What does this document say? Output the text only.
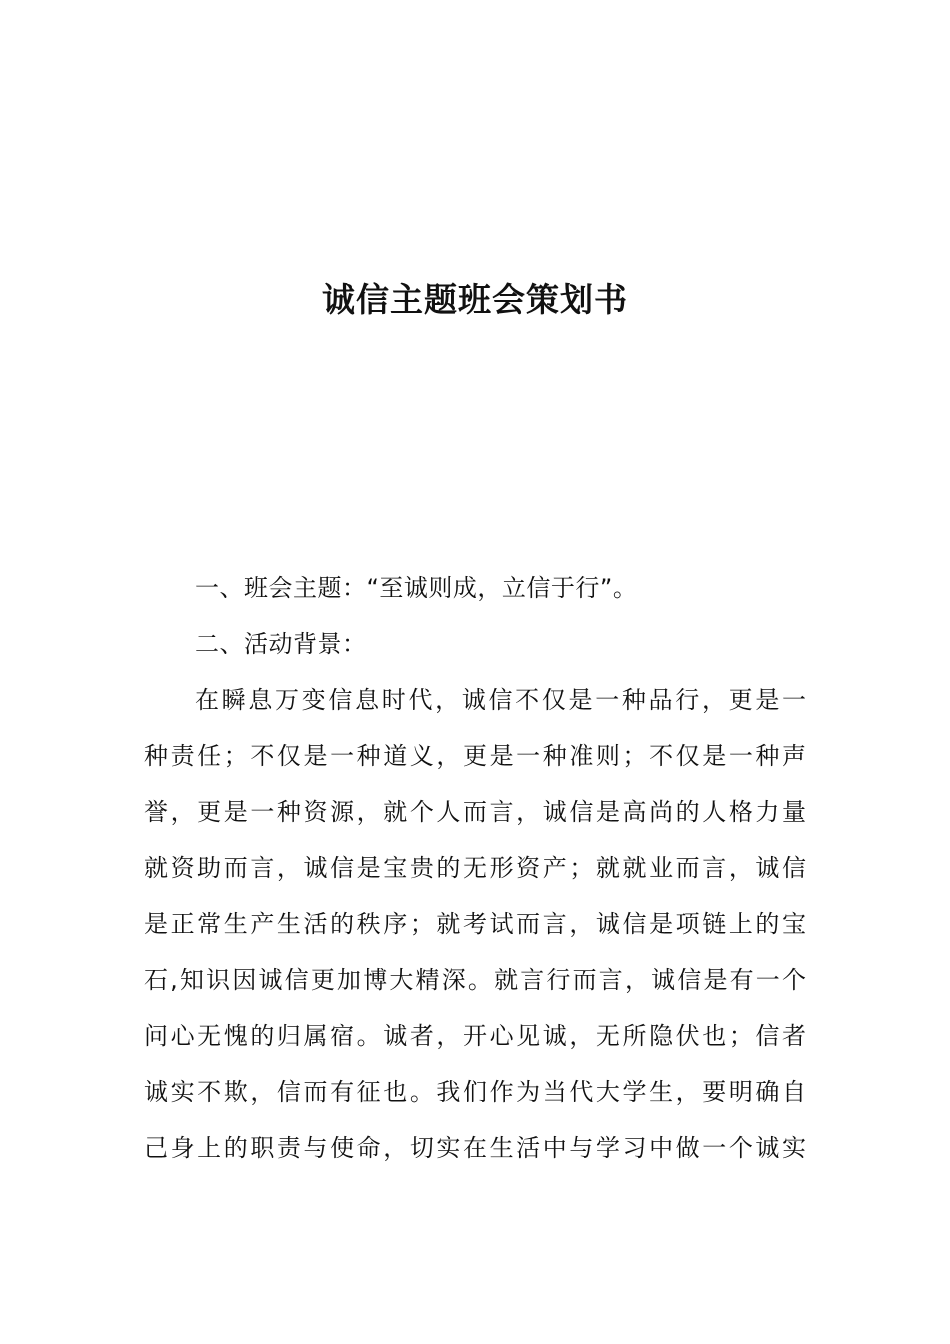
诚信主题班会策划书

一、班会主题：“至诚则成，立信于行”。

二、活动背景：

在瞬息万变信息时代，诚信不仅是一种品行，更是一

种责任；不仅是一种道义，更是一种准则；不仅是一种声

誉，更是一种资源，就个人而言，诚信是高尚的人格力量

就资助而言，诚信是宝贵的无形资产；就就业而言，诚信

是正常生产生活的秩序；就考试而言，诚信是项链上的宝

石,知识因诚信更加博大精深。就言行而言，诚信是有一个

问心无愧的归属宿。诚者，开心见诚，无所隐伏也；信者

诚实不欺，信而有征也。我们作为当代大学生，要明确自

己身上的职责与使命，切实在生活中与学习中做一个诚实
